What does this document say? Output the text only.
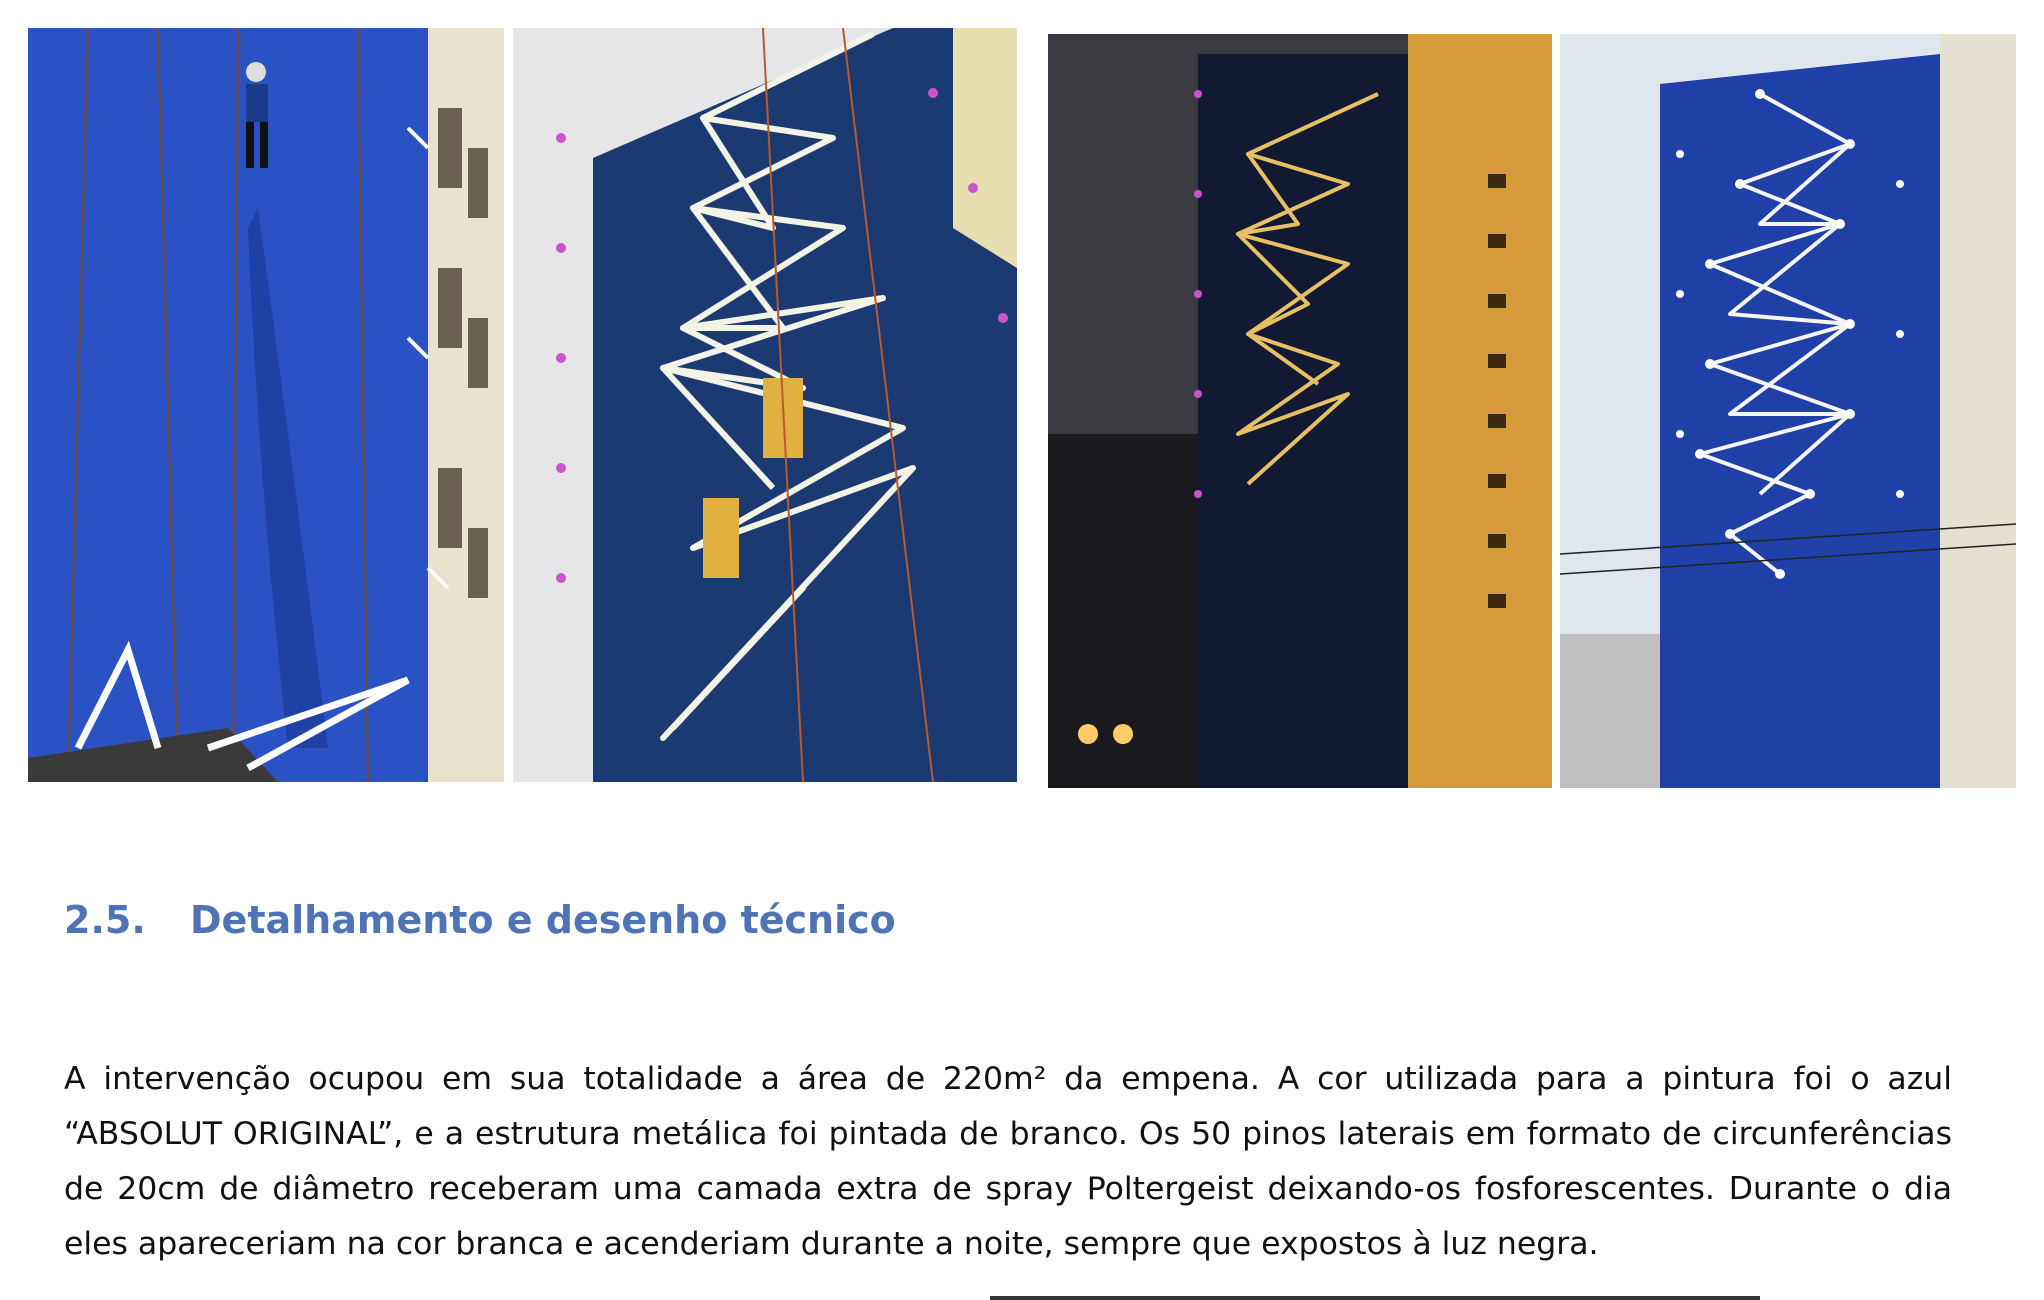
2.5. Detalhamento e desenho técnico
A intervenção ocupou em sua totalidade a área de 220m² da empena. A cor utilizada para a pintura foi o azul “ABSOLUT ORIGINAL”, e a estrutura metálica foi pintada de branco. Os 50 pinos laterais em formato de circunferências de 20cm de diâmetro receberam uma camada extra de spray Poltergeist deixando-os fosforescentes. Durante o dia eles apareceriam na cor branca e acenderiam durante a noite, sempre que expostos à luz negra.
